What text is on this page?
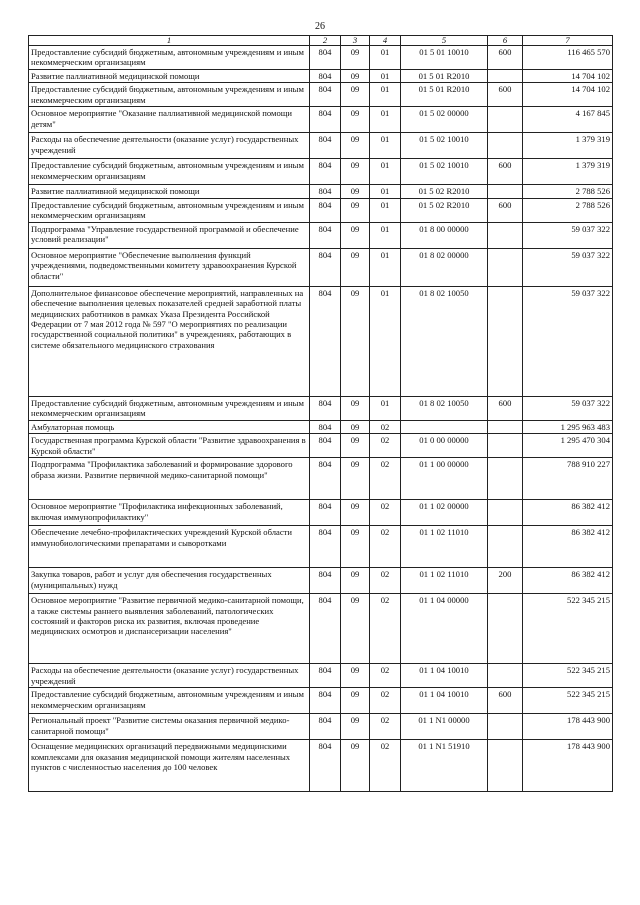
26
1	2	3	4	5	6	7
Предоставление субсидий бюджетным, автономным учреждениям и иным некоммерческим организациям	804	09	01	01 5 01 10010	600	116 465 570
Развитие паллиативной медицинской помощи	804	09	01	01 5 01 R2010		14 704 102
Предоставление субсидий бюджетным, автономным учреждениям и иным некоммерческим организациям	804	09	01	01 5 01 R2010	600	14 704 102
Основное мероприятие "Оказание паллиативной медицинской помощи детям"	804	09	01	01 5 02 00000		4 167 845
Расходы на обеспечение деятельности (оказание услуг) государственных учреждений	804	09	01	01 5 02 10010		1 379 319
Предоставление субсидий бюджетным, автономным учреждениям и иным некоммерческим организациям	804	09	01	01 5 02 10010	600	1 379 319
Развитие паллиативной медицинской помощи	804	09	01	01 5 02 R2010		2 788 526
Предоставление субсидий бюджетным, автономным учреждениям и иным некоммерческим организациям	804	09	01	01 5 02 R2010	600	2 788 526
Подпрограмма "Управление государственной программой и обеспечение условий реализации"	804	09	01	01 8 00 00000		59 037 322
Основное мероприятие "Обеспечение выполнения функций учреждениями, подведомственными комитету здравоохранения Курской области"	804	09	01	01 8 02 00000		59 037 322
Дополнительное финансовое обеспечение мероприятий, направленных на обеспечение выполнения целевых показателей средней заработной платы медицинских работников в рамках Указа Президента Российской Федерации от 7 мая 2012 года № 597 "О мероприятиях по реализации государственной социальной политики" в учреждениях, работающих в системе обязательного медицинского страхования	804	09	01	01 8 02 10050		59 037 322
Предоставление субсидий бюджетным, автономным учреждениям и иным некоммерческим организациям	804	09	01	01 8 02 10050	600	59 037 322
Амбулаторная помощь	804	09	02			1 295 963 483
Государственная программа Курской области "Развитие здравоохранения в Курской области"	804	09	02	01 0 00 00000		1 295 470 304
Подпрограмма "Профилактика заболеваний и формирование здорового образа жизни. Развитие первичной медико-санитарной помощи"	804	09	02	01 1 00 00000		788 910 227
Основное мероприятие "Профилактика инфекционных заболеваний, включая иммунопрофилактику"	804	09	02	01 1 02 00000		86 382 412
Обеспечение лечебно-профилактических учреждений Курской области иммунобиологическими препаратами и сыворотками	804	09	02	01 1 02 11010		86 382 412
Закупка товаров, работ и услуг для обеспечения государственных (муниципальных) нужд	804	09	02	01 1 02 11010	200	86 382 412
Основное мероприятие "Развитие первичной медико-санитарной помощи, а также системы раннего выявления заболеваний, патологических состояний и факторов риска их развития, включая проведение медицинских осмотров и диспансеризации населения"	804	09	02	01 1 04 00000		522 345 215
Расходы на обеспечение деятельности (оказание услуг) государственных учреждений	804	09	02	01 1 04 10010		522 345 215
Предоставление субсидий бюджетным, автономным учреждениям и иным некоммерческим организациям	804	09	02	01 1 04 10010	600	522 345 215
Региональный проект "Развитие системы оказания первичной медико-санитарной помощи"	804	09	02	01 1 N1 00000		178 443 900
Оснащение медицинских организаций передвижными медицинскими комплексами для оказания медицинской помощи жителям населенных пунктов с численностью населения до 100 человек	804	09	02	01 1 N1 51910		178 443 900
